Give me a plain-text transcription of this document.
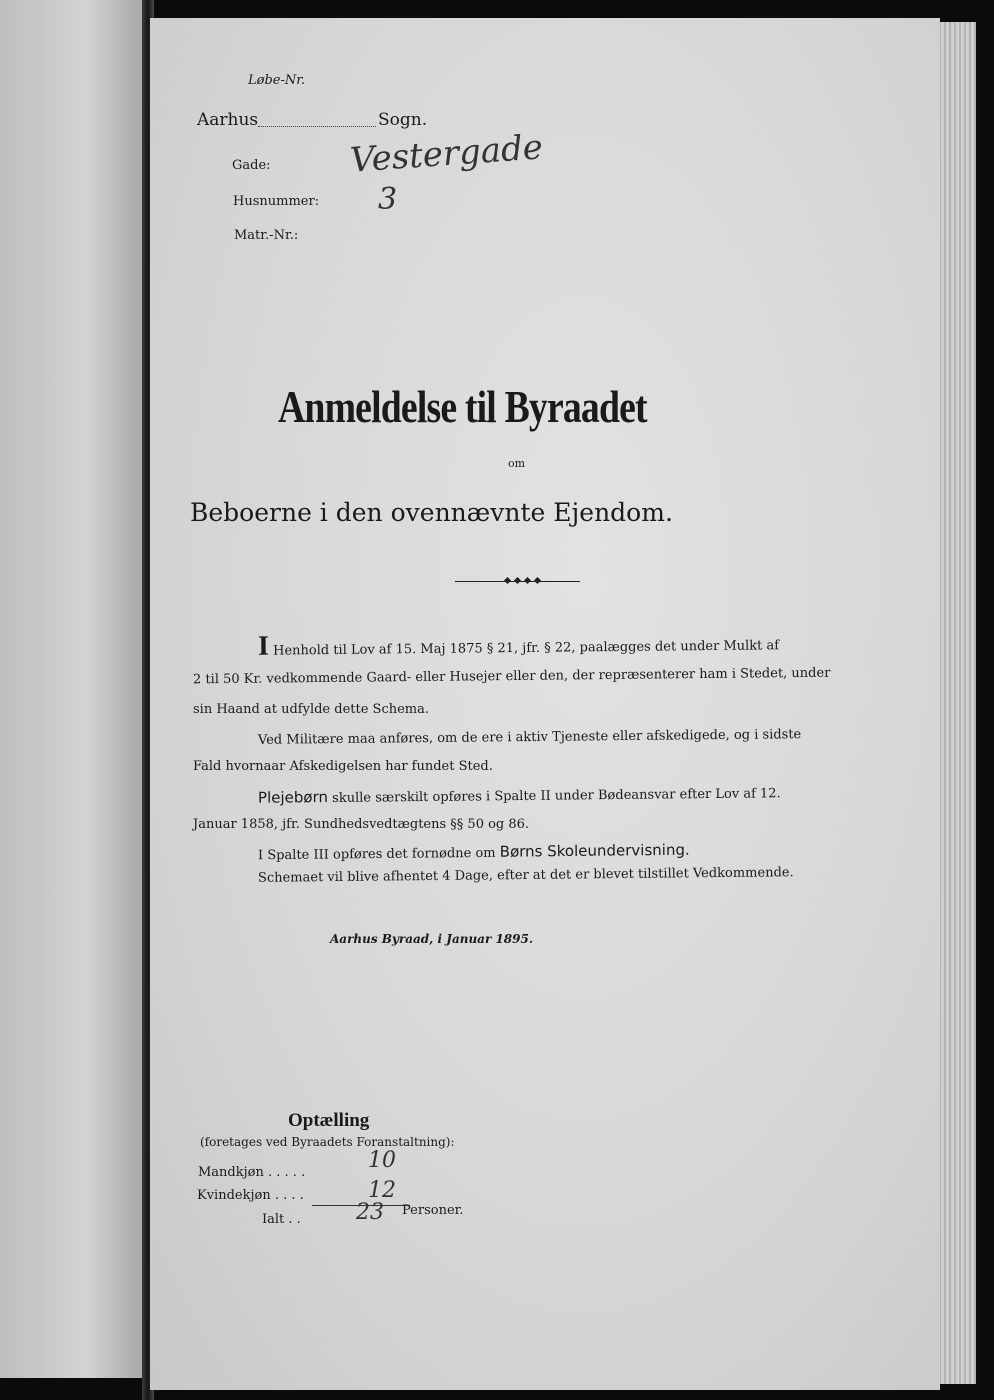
Løbe-Nr.
Aarhus	Sogn.
Gade: Vestergade
Husnummer: 3
Matr.-Nr.:
Anmeldelse til Byraadet
om
Beboerne i den ovennævnte Ejendom.
I Henhold til Lov af 15. Maj 1875 § 21, jfr. § 22, paalægges det under Mulkt af
2 til 50 Kr. vedkommende Gaard- eller Husejer eller den, der repræsenterer ham i Stedet, under
sin Haand at udfylde dette Schema.
Ved Militære maa anføres, om de ere i aktiv Tjeneste eller afskedigede, og i sidste
Fald hvornaar Afskedigelsen har fundet Sted.
Plejebørn skulle særskilt opføres i Spalte II under Bødeansvar efter Lov af 12.
Januar 1858, jfr. Sundhedsvedtægtens §§ 50 og 86.
I Spalte III opføres det fornødne om Børns Skoleundervisning.
Schemaet vil blive afhentet 4 Dage, efter at det er blevet tilstillet Vedkommende.
Aarhus Byraad, i Januar 1895.
Optælling
(foretages ved Byraadets Foranstaltning):
Mandkjøn . . . . .	10
Kvindekjøn . . . .	12
Ialt . .	23 Personer.
